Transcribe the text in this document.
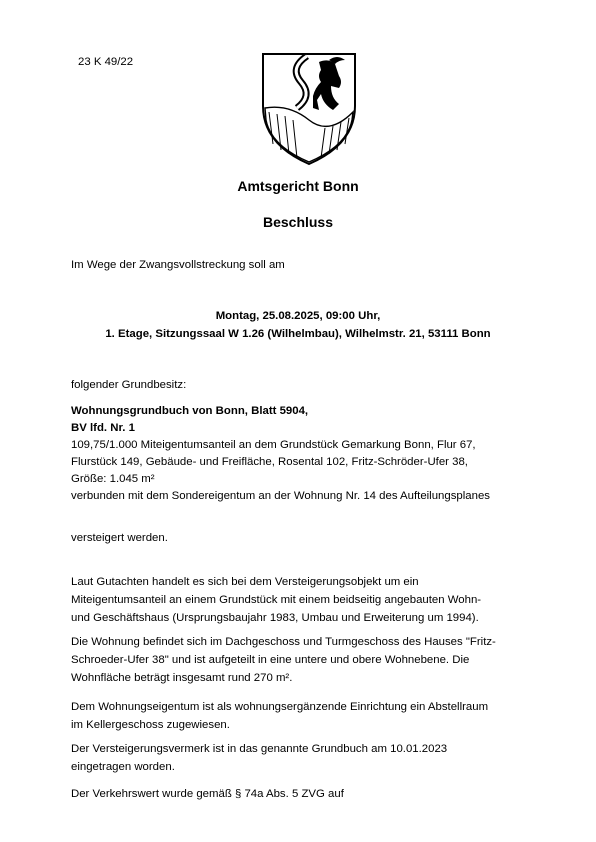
23 K 49/22
Amtsgericht Bonn
Beschluss
Im Wege der Zwangsvollstreckung soll am
Montag, 25.08.2025, 09:00 Uhr,
1. Etage, Sitzungssaal W 1.26 (Wilhelmbau), Wilhelmstr. 21, 53111 Bonn
folgender Grundbesitz:
Wohnungsgrundbuch von Bonn, Blatt 5904,
BV lfd. Nr. 1
109,75/1.000 Miteigentumsanteil an dem Grundstück Gemarkung Bonn, Flur 67,
Flurstück 149, Gebäude- und Freifläche, Rosental 102, Fritz-Schröder-Ufer 38,
Größe: 1.045 m²
verbunden mit dem Sondereigentum an der Wohnung Nr. 14 des Aufteilungsplanes
versteigert werden.
Laut Gutachten handelt es sich bei dem Versteigerungsobjekt um ein
Miteigentumsanteil an einem Grundstück mit einem beidseitig angebauten Wohn-
und Geschäftshaus (Ursprungsbaujahr 1983, Umbau und Erweiterung um 1994).
Die Wohnung befindet sich im Dachgeschoss und Turmgeschoss des Hauses "Fritz-
Schroeder-Ufer 38" und ist aufgeteilt in eine untere und obere Wohnebene. Die
Wohnfläche beträgt insgesamt rund 270 m².
Dem Wohnungseigentum ist als wohnungsergänzende Einrichtung ein Abstellraum
im Kellergeschoss zugewiesen.
Der Versteigerungsvermerk ist in das genannte Grundbuch am 10.01.2023
eingetragen worden.
Der Verkehrswert wurde gemäß § 74a Abs. 5 ZVG auf
